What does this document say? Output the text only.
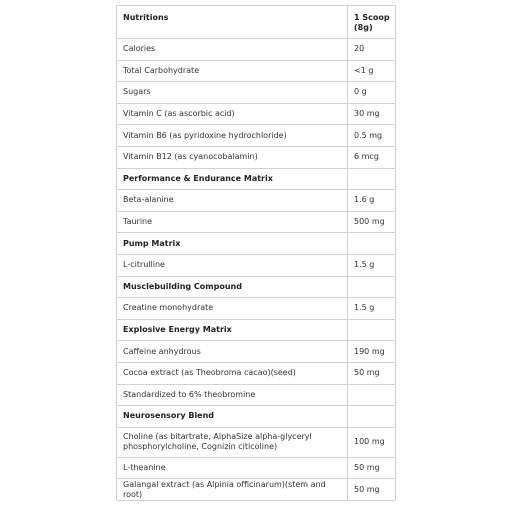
Nutritions	1 Scoop (8g)
Calories	20
Total Carbohydrate	<1 g
Sugars	0 g
Vitamin C (as ascorbic acid)	30 mg
Vitamin B6 (as pyridoxine hydrochloride)	0.5 mg
Vitamin B12 (as cyanocobalamin)	6 mcg
Performance & Endurance Matrix	
Beta-alanine	1.6 g
Taurine	500 mg
Pump Matrix	
L-citrulline	1.5 g
Musclebuilding Compound	
Creatine monohydrate	1.5 g
Explosive Energy Matrix	
Caffeine anhydrous	190 mg
Cocoa extract (as Theobroma cacao)(seed)	50 mg
Standardized to 6% theobromine	
Neurosensory Blend	
Choline (as bitartrate, AlphaSize alpha-glyceryl phosphorylcholine, Cognizin citicoline)	100 mg
L-theanine	50 mg
Galangal extract (as Alpinia officinarum)(stem and root)	50 mg
